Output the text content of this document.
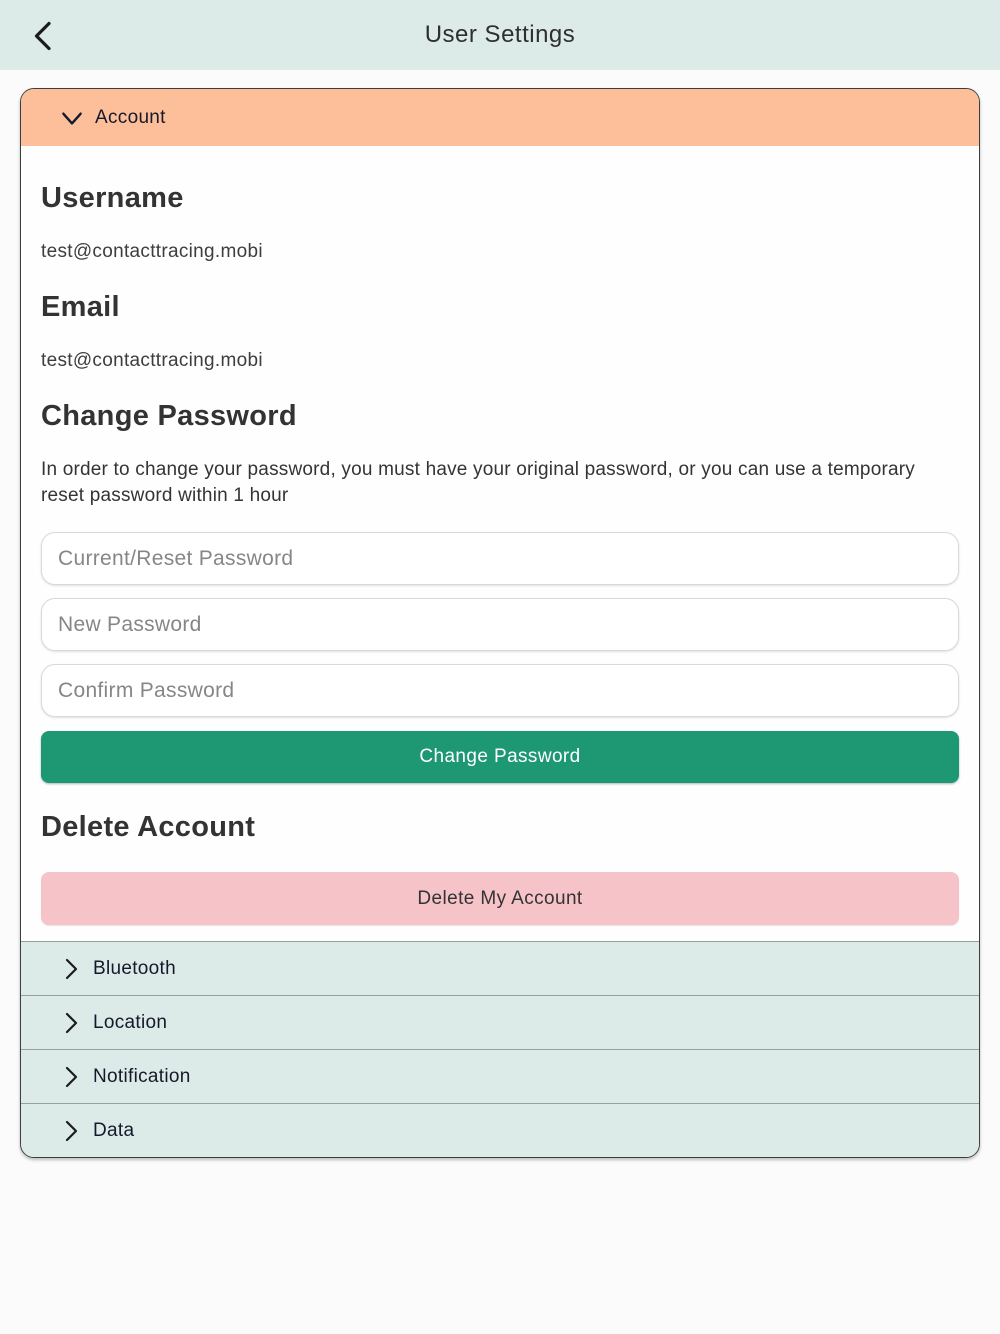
User Settings
Account
Username

test@contacttracing.mobi

Email

test@contacttracing.mobi

Change Password

In order to change your password, you must have your original password, or you can use a temporary reset password within 1 hour

Change Password
Delete Account
Delete My Account
Bluetooth
Location
Notification
Data
